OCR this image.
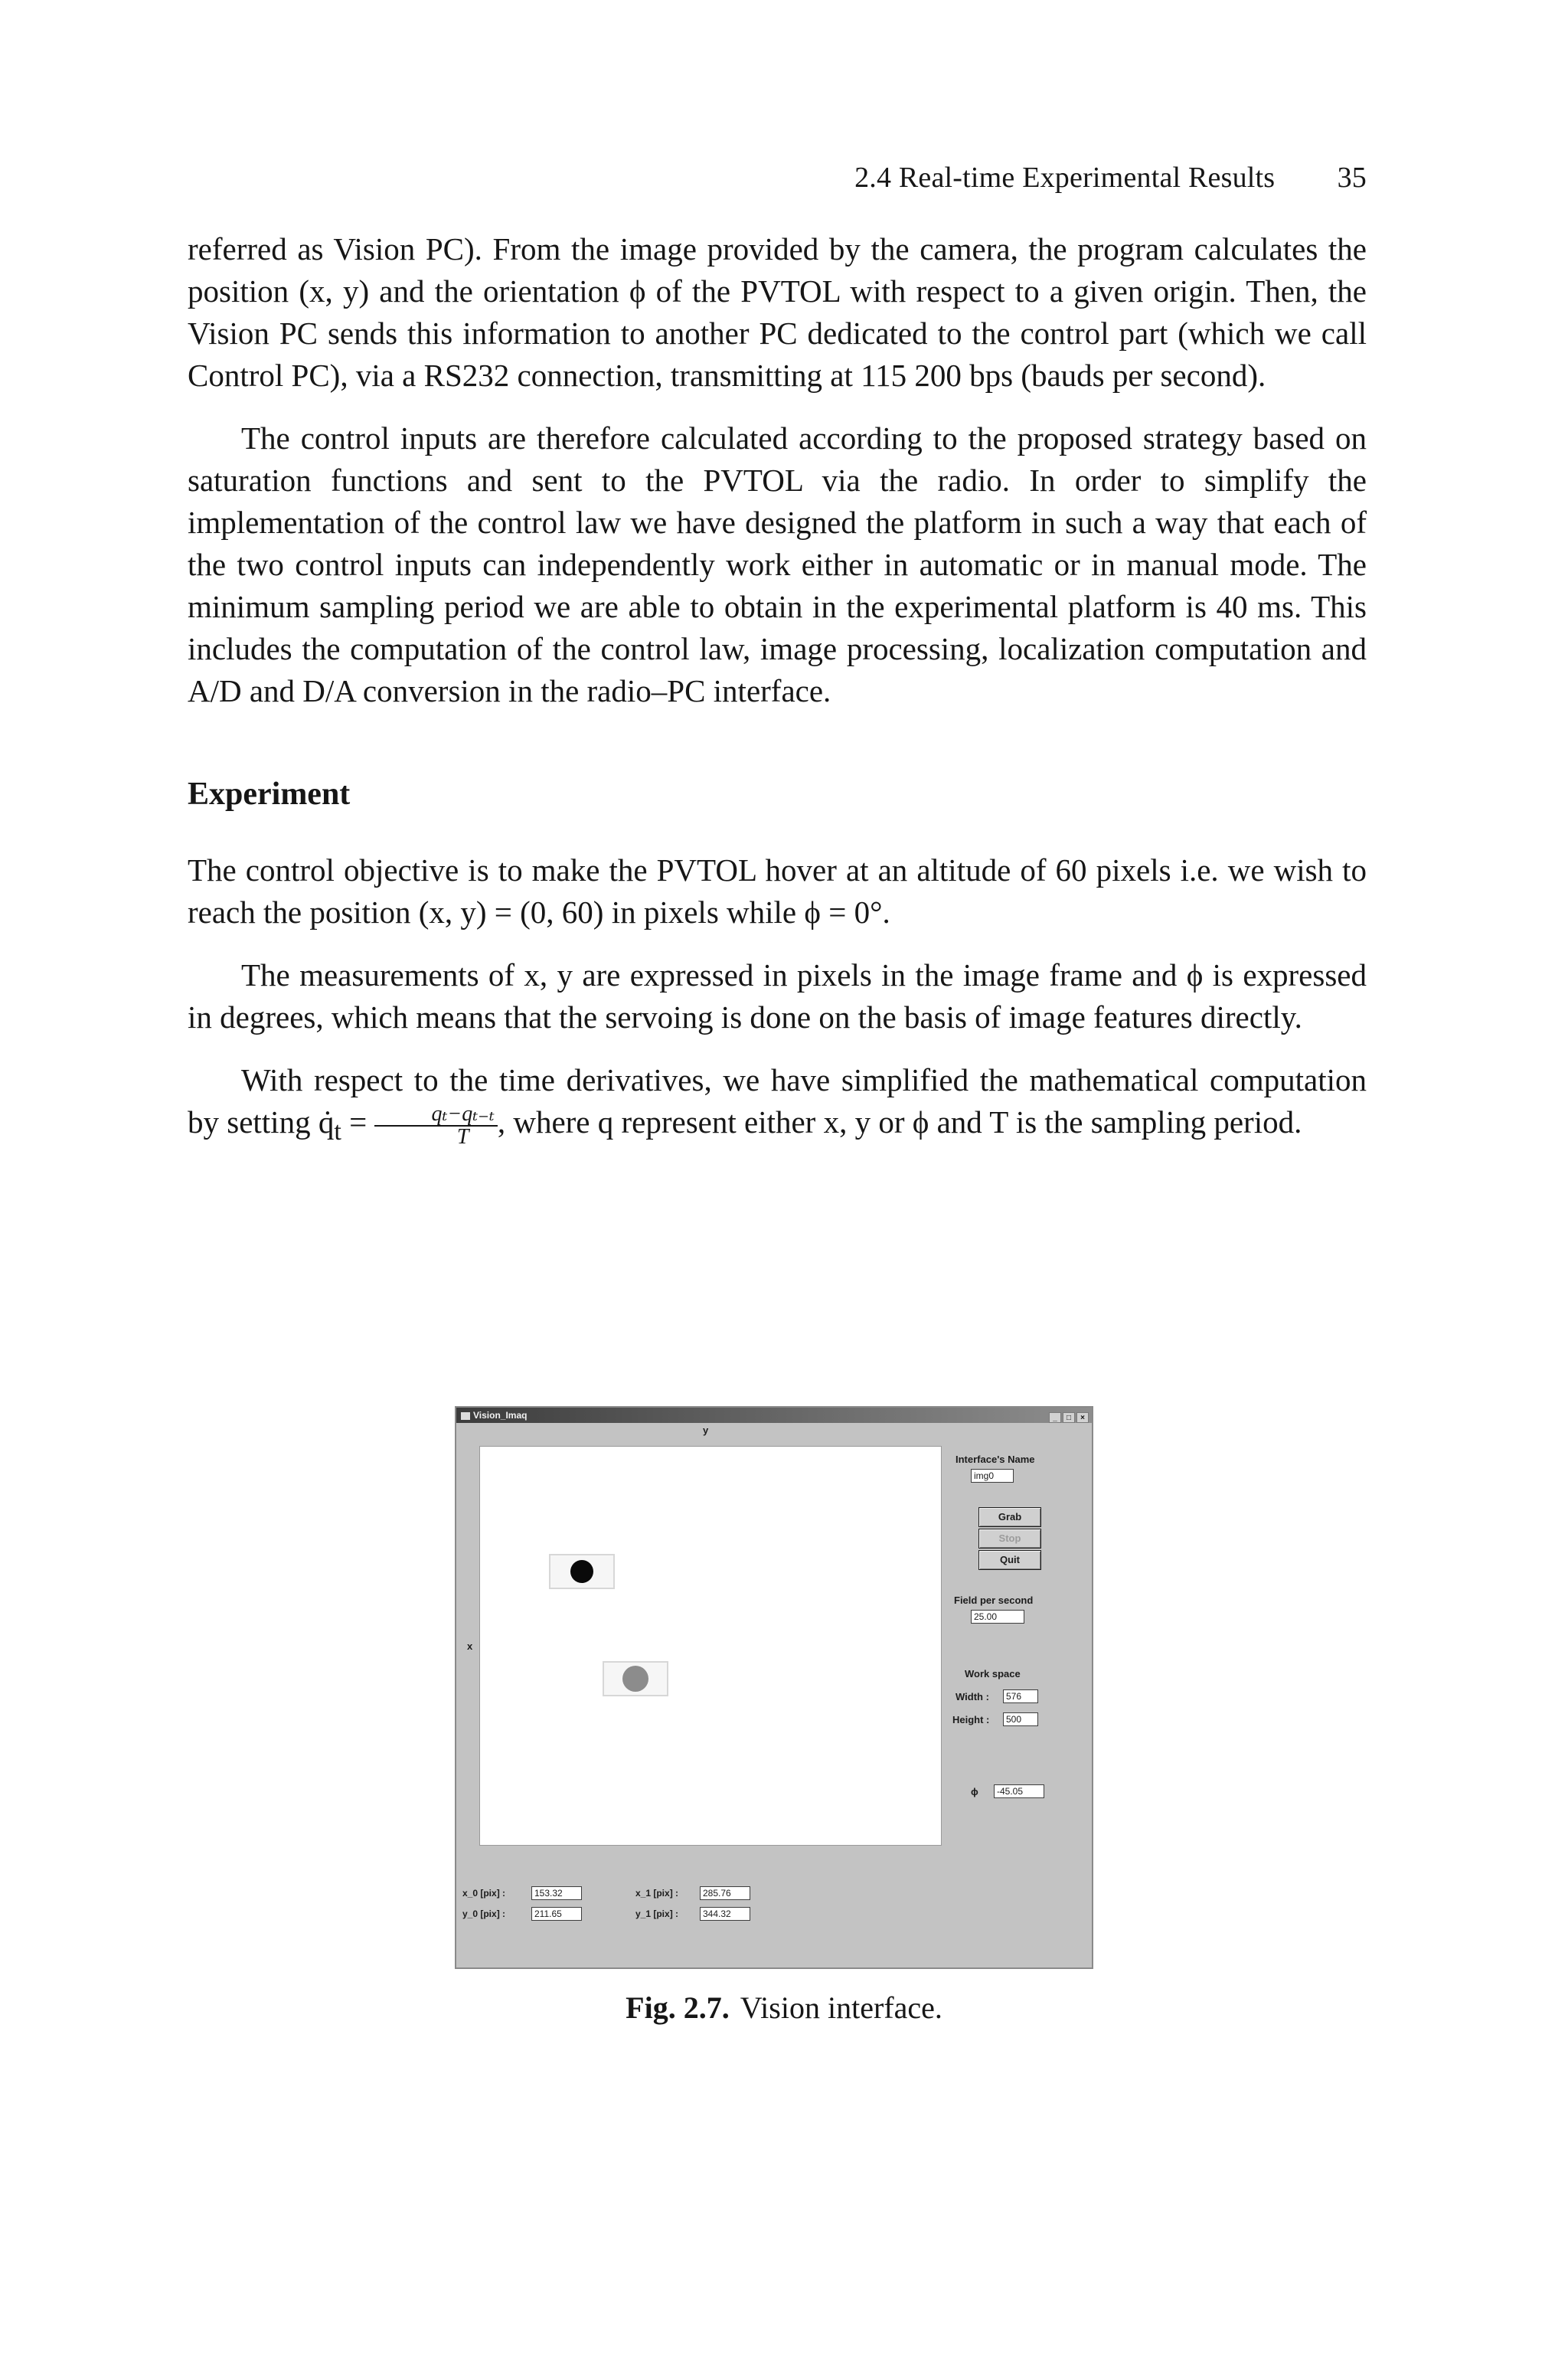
2.4 Real-time Experimental Results 35

referred as Vision PC). From the image provided by the camera, the program calculates the position (x, y) and the orientation ϕ of the PVTOL with respect to a given origin. Then, the Vision PC sends this information to another PC dedicated to the control part (which we call Control PC), via a RS232 connection, transmitting at 115 200 bps (bauds per second).

The control inputs are therefore calculated according to the proposed strategy based on saturation functions and sent to the PVTOL via the radio. In order to simplify the implementation of the control law we have designed the platform in such a way that each of the two control inputs can independently work either in automatic or in manual mode. The minimum sampling period we are able to obtain in the experimental platform is 40 ms. This includes the computation of the control law, image processing, localization computation and A/D and D/A conversion in the radio–PC interface.

Experiment

The control objective is to make the PVTOL hover at an altitude of 60 pixels i.e. we wish to reach the position (x, y) = (0, 60) in pixels while ϕ = 0°.

The measurements of x, y are expressed in pixels in the image frame and ϕ is expressed in degrees, which means that the servoing is done on the basis of image features directly.

With respect to the time derivatives, we have simplified the mathematical computation by setting $q̇_t = \frac{\text{qₜ−qₜ₋ₜ}}{T}$ , where q represent either x, y or ϕ and T is the sampling period.

Vision_Imaq	_ □ ×
y
x
Interface's Name
img0
Grab
Stop
Quit
Field per second
25.00
Work space
Width :	576
Height :	500
ϕ	-45.05
x_0 [pix] :	153.32
y_0 [pix] :	211.65
x_1 [pix] :	285.76
y_1 [pix] :	344.32
Fig. 2.7. Vision interface.
